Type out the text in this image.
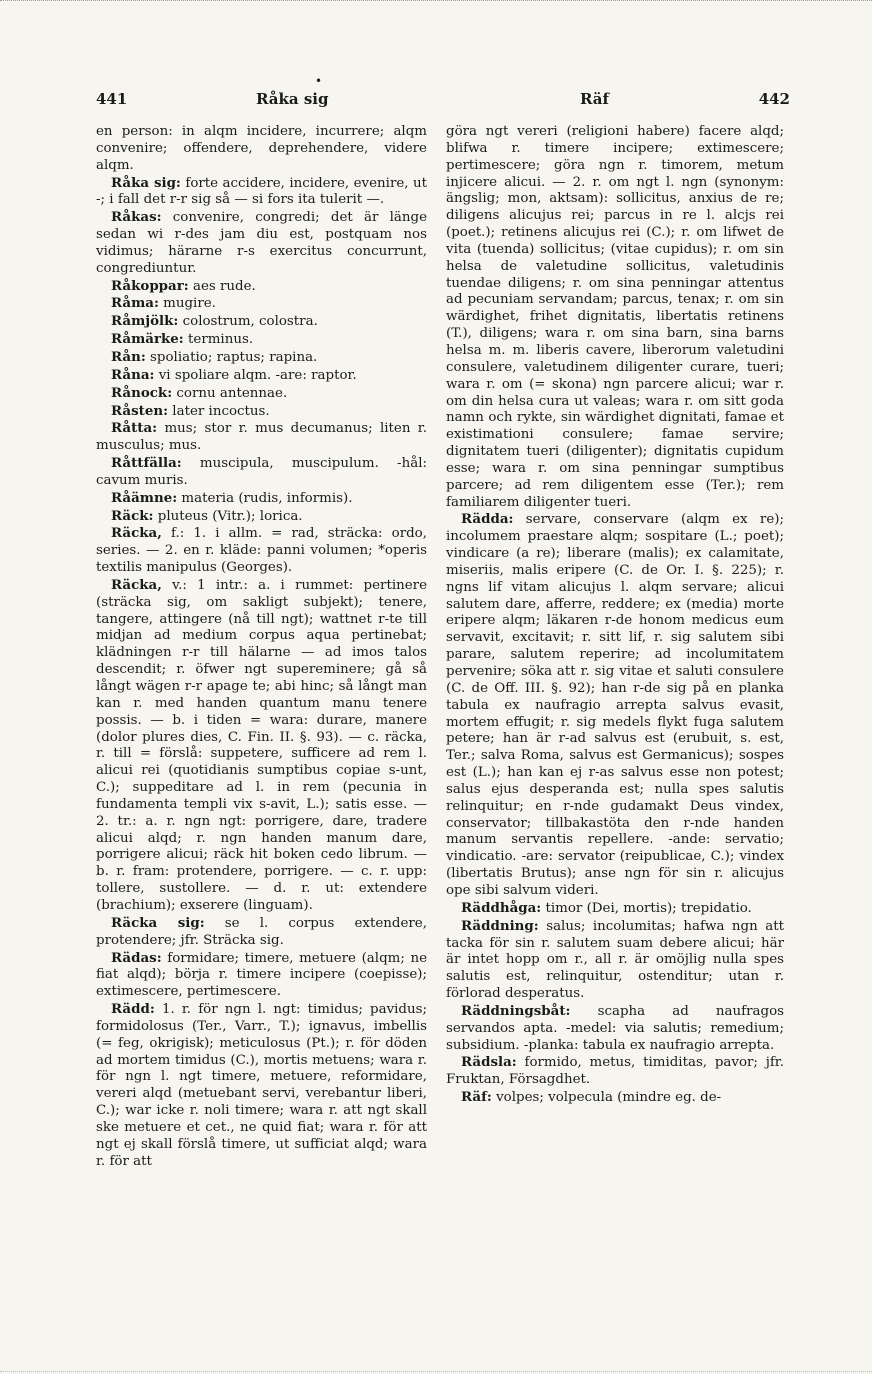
•
441	Råka sig	Räf	442

en person: in alqm incidere, incurrere; alqm convenire; offendere, deprehendere, videre alqm.

Råka sig: forte accidere, incidere, evenire, ut -; i fall det r-r sig så — si fors ita tulerit —.

Råkas: convenire, congredi; det är länge sedan wi r-des jam diu est, postquam nos vidimus; härarne r-s exercitus concurrunt, congrediuntur.

Råkoppar: aes rude.

Råma: mugire.

Råmjölk: colostrum, colostra.

Råmärke: terminus.

Rån: spoliatio; raptus; rapina.

Råna: vi spoliare alqm. -are: raptor.

Rånock: cornu antennae.

Råsten: later incoctus.

Råtta: mus; stor r. mus decumanus; liten r. musculus; mus.

Råttfälla: muscipula, muscipulum. -hål: cavum muris.

Råämne: materia (rudis, informis).

Räck: pluteus (Vitr.); lorica.

Räcka, f.: 1. i allm. = rad, sträcka: ordo, series. — 2. en r. kläde: panni volumen; *operis textilis manipulus (Georges).

Räcka, v.: 1 intr.: a. i rummet: pertinere (sträcka sig, om sakligt subjekt); tenere, tangere, attingere (nå till ngt); wattnet r-te till midjan ad medium corpus aqua pertinebat; klädningen r-r till hälarne — ad imos talos descendit; r. öfwer ngt supereminere; gå så långt wägen r-r apage te; abi hinc; så långt man kan r. med handen quantum manu tenere possis. — b. i tiden = wara: durare, manere (dolor plures dies, C. Fin. II. §. 93). — c. räcka, r. till = förslå: suppetere, sufficere ad rem l. alicui rei (quotidianis sumptibus copiae s-unt, C.); suppeditare ad l. in rem (pecunia in fundamenta templi vix s-avit, L.); satis esse. — 2. tr.: a. r. ngn ngt: porrigere, dare, tradere alicui alqd; r. ngn handen manum dare, porrigere alicui; räck hit boken cedo librum. — b. r. fram: protendere, porrigere. — c. r. upp: tollere, sustollere. — d. r. ut: extendere (brachium); exserere (linguam).

Räcka sig: se l. corpus extendere, protendere; jfr. Sträcka sig.

Rädas: formidare; timere, metuere (alqm; ne fiat alqd); börja r. timere incipere (coepisse); extimescere, pertimescere.

Rädd: 1. r. för ngn l. ngt: timidus; pavidus; formidolosus (Ter., Varr., T.); ignavus, imbellis (= feg, okrigisk); meticulosus (Pt.); r. för döden ad mortem timidus (C.), mortis metuens; wara r. för ngn l. ngt timere, metuere, reformidare, vereri alqd (metuebant servi, verebantur liberi, C.); war icke r. noli timere; wara r. att ngt skall ske metuere et cet., ne quid fiat; wara r. för att ngt ej skall förslå timere, ut sufficiat alqd; wara r. för att

göra ngt vereri (religioni habere) facere alqd; blifwa r. timere incipere; extimescere; pertimescere; göra ngn r. timorem, metum injicere alicui. — 2. r. om ngt l. ngn (synonym: ängslig; mon, aktsam): sollicitus, anxius de re; diligens alicujus rei; parcus in re l. alcjs rei (poet.); retinens alicujus rei (C.); r. om lifwet de vita (tuenda) sollicitus; (vitae cupidus); r. om sin helsa de valetudine sollicitus, valetudinis tuendae diligens; r. om sina penningar attentus ad pecuniam servandam; parcus, tenax; r. om sin wärdighet, frihet dignitatis, libertatis retinens (T.), diligens; wara r. om sina barn, sina barns helsa m. m. liberis cavere, liberorum valetudini consulere, valetudinem diligenter curare, tueri; wara r. om (= skona) ngn parcere alicui; war r. om din helsa cura ut valeas; wara r. om sitt goda namn och rykte, sin wärdighet dignitati, famae et existimationi consulere; famae servire; dignitatem tueri (diligenter); dignitatis cupidum esse; wara r. om sina penningar sumptibus parcere; ad rem diligentem esse (Ter.); rem familiarem diligenter tueri.

Rädda: servare, conservare (alqm ex re); incolumem praestare alqm; sospitare (L.; poet); vindicare (a re); liberare (malis); ex calamitate, miseriis, malis eripere (C. de Or. I. §. 225); r. ngns lif vitam alicujus l. alqm servare; alicui salutem dare, afferre, reddere; ex (media) morte eripere alqm; läkaren r-de honom medicus eum servavit, excitavit; r. sitt lif, r. sig salutem sibi parare, salutem reperire; ad incolumitatem pervenire; söka att r. sig vitae et saluti consulere (C. de Off. III. §. 92); han r-de sig på en planka tabula ex naufragio arrepta salvus evasit, mortem effugit; r. sig medels flykt fuga salutem petere; han är r-ad salvus est (erubuit, s. est, Ter.; salva Roma, salvus est Germanicus); sospes est (L.); han kan ej r-as salvus esse non potest; salus ejus desperanda est; nulla spes salutis relinquitur; en r-nde gudamakt Deus vindex, conservator; tillbakastöta den r-nde handen manum servantis repellere. -ande: servatio; vindicatio. -are: servator (reipublicae, C.); vindex (libertatis Brutus); anse ngn för sin r. alicujus ope sibi salvum videri.

Räddhåga: timor (Dei, mortis); trepidatio.

Räddning: salus; incolumitas; hafwa ngn att tacka för sin r. salutem suam debere alicui; här är intet hopp om r., all r. är omöjlig nulla spes salutis est, relinquitur, ostenditur; utan r. förlorad desperatus.

Räddningsbåt: scapha ad naufragos servandos apta. -medel: via salutis; remedium; subsidium. -planka: tabula ex naufragio arrepta.

Rädsla: formido, metus, timiditas, pavor; jfr. Fruktan, Försagdhet.

Räf: volpes; volpecula (mindre eg. de-
